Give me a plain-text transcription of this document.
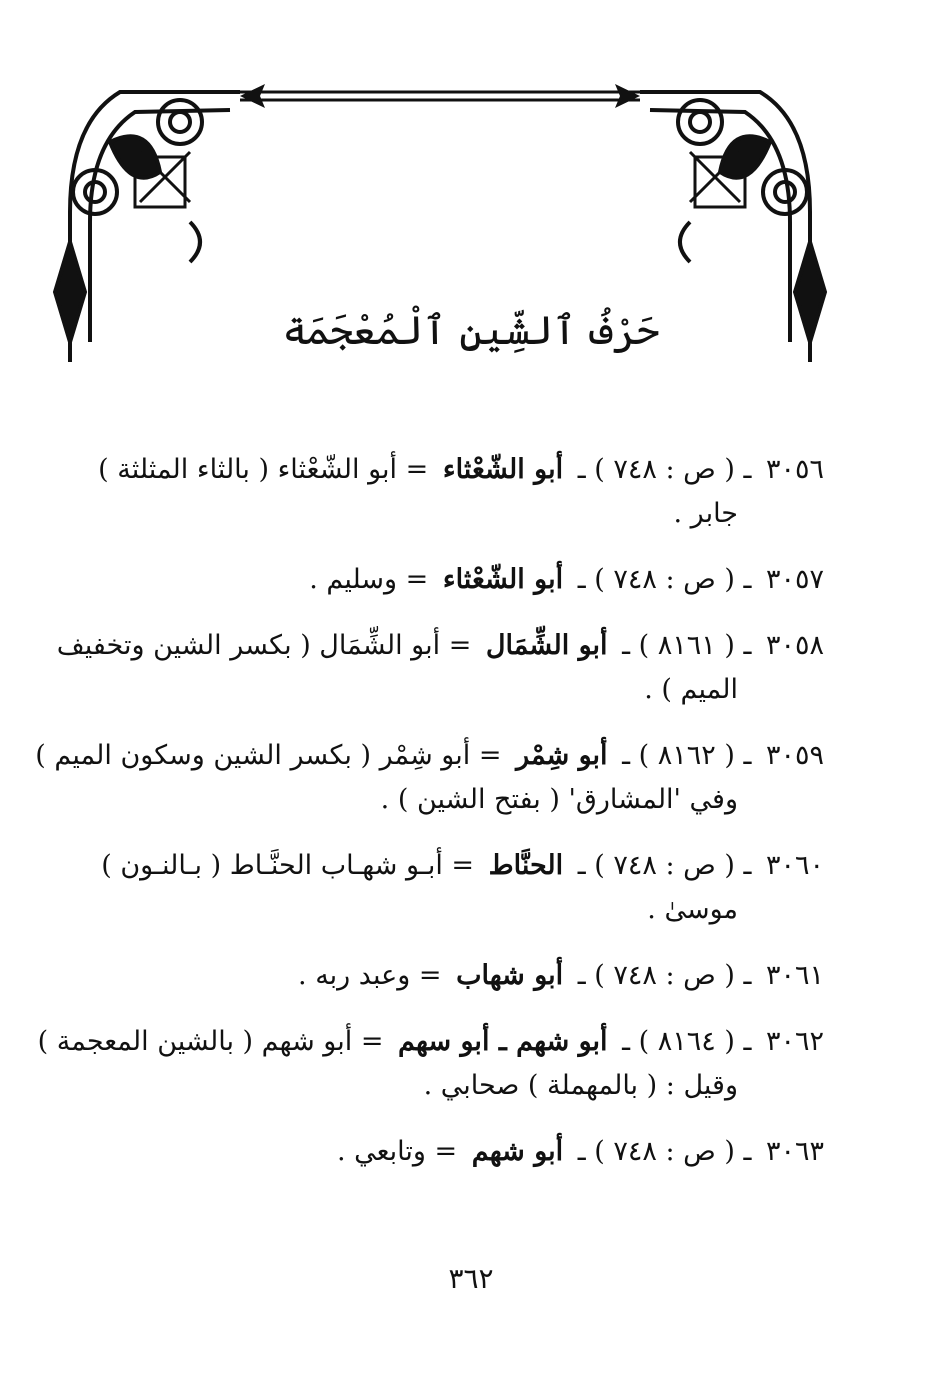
حَرْفُ ٱلشِّينِ ٱلْمُعْجَمَة
٣٠٥٦ ـ ( ص : ٧٤٨ ) ـ أبو الشّعْثاء = أبو الشّعْثاء ( بالثاء المثلثة )
جابر .
٣٠٥٧ ـ ( ص : ٧٤٨ ) ـ أبو الشّعْثاء = وسليم .
٣٠٥٨ ـ ( ٨١٦١ ) ـ أبو الشِّمَال = أبو الشِّمَال ( بكسر الشين وتخفيف
الميم ) .
٣٠٥٩ ـ ( ٨١٦٢ ) ـ أبو شِمْر = أبو شِمْر ( بكسر الشين وسكون الميم )
وفي 'المشارق' ( بفتح الشين ) .
٣٠٦٠ ـ ( ص : ٧٤٨ ) ـ الحنَّاط = أبـو شهـاب الحنَّـاط ( بـالنـون )
موسىٰ .
٣٠٦١ ـ ( ص : ٧٤٨ ) ـ أبو شهاب = وعبد ربه .
٣٠٦٢ ـ ( ٨١٦٤ ) ـ أبو شهم ـ أبو سهم = أبو شهم ( بالشين المعجمة )
وقيل : ( بالمهملة ) صحابي .
٣٠٦٣ ـ ( ص : ٧٤٨ ) ـ أبو شهم = وتابعي .
٣٦٢
